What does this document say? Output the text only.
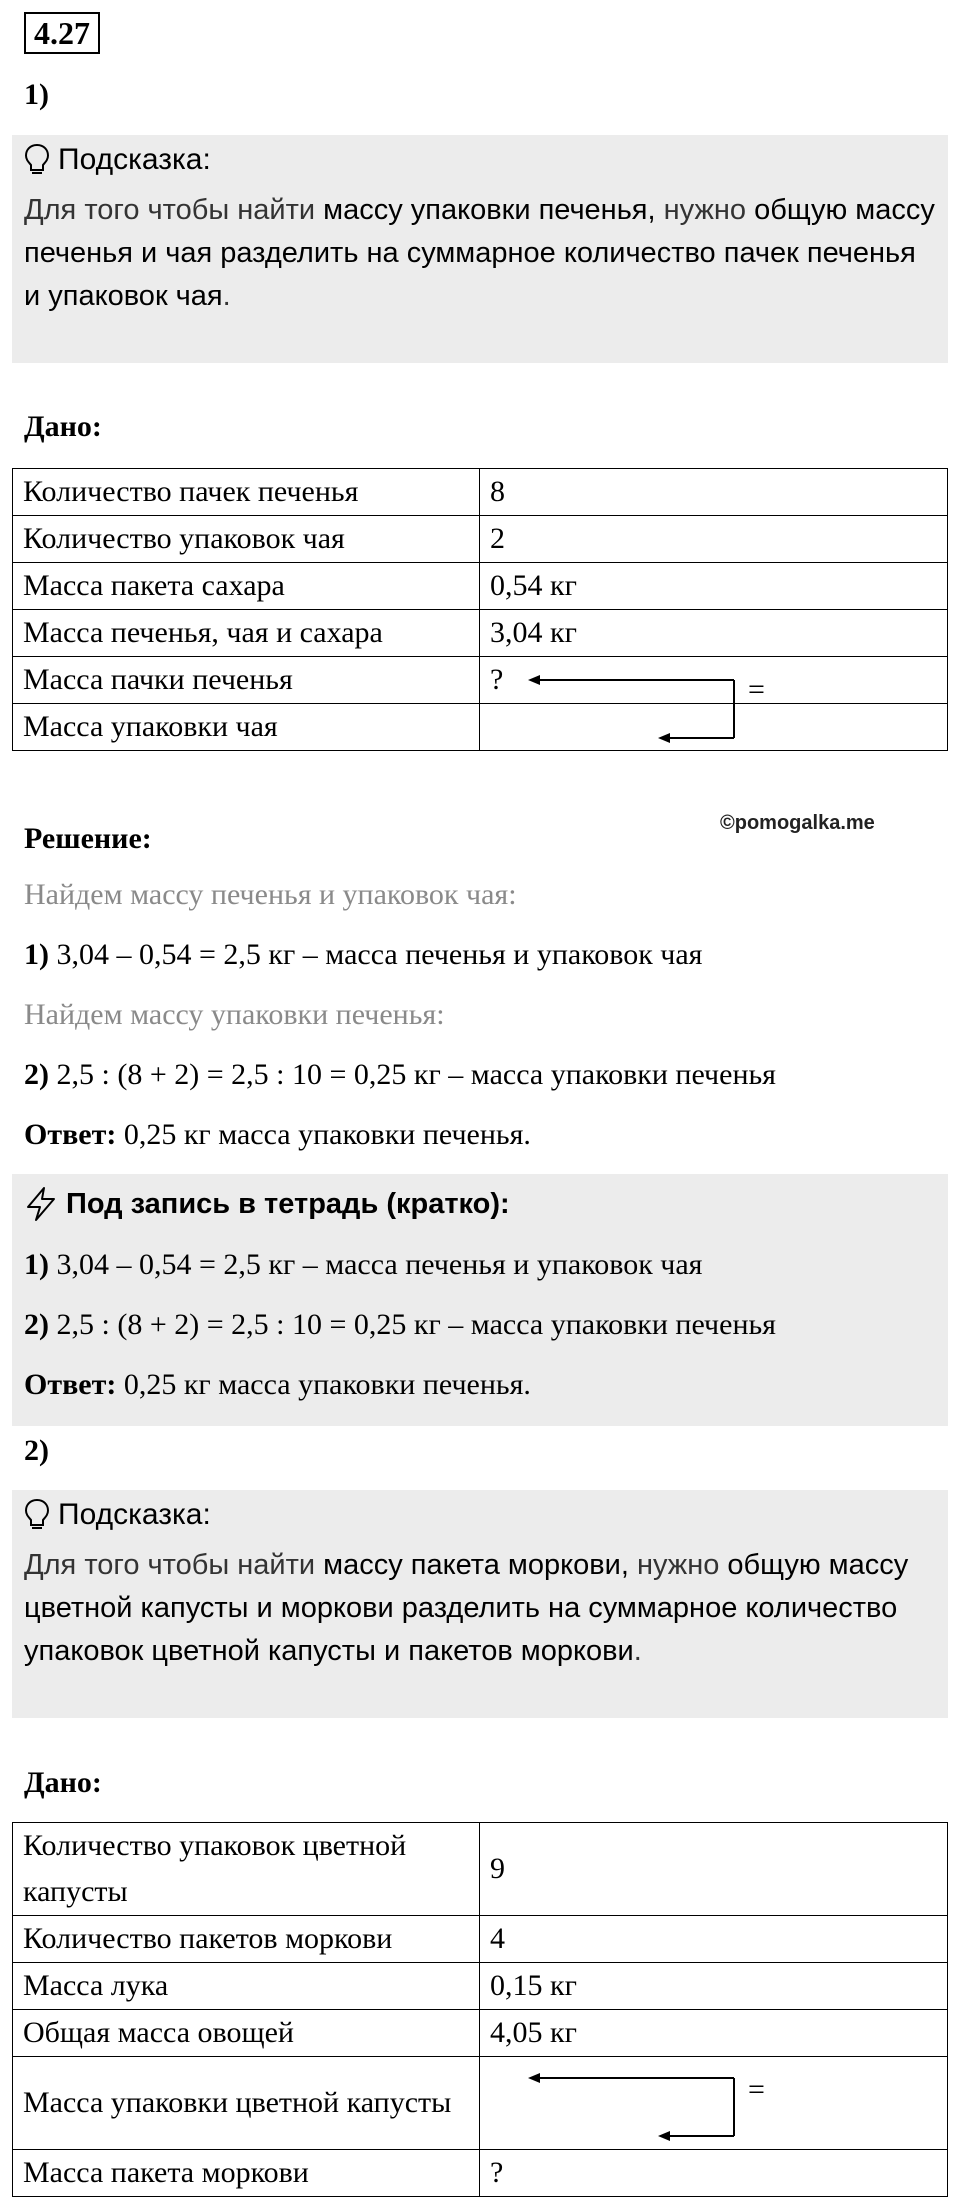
4.27
1)
Подсказка:
Для того чтобы найти массу упаковки печенья, нужно общую массу печенья и чая разделить на суммарное количество пачек печенья и упаковок чая.
Дано:
Количество пачек печенья	8
Количество упаковок чая	2
Масса пакета сахара	0,54 кг
Масса печенья, чая и сахара	3,04 кг
Масса пачки печенья	? =

Масса упаковки чая	
Решение:	©pomogalka.me
Найдем массу печенья и упаковок чая:
1) 3,04 – 0,54 = 2,5 кг – масса печенья и упаковок чая
Найдем массу упаковки печенья:
2) 2,5 : (8 + 2) = 2,5 : 10 = 0,25 кг – масса упаковки печенья
Ответ: 0,25 кг масса упаковки печенья.
Под запись в тетрадь (кратко):
1) 3,04 – 0,54 = 2,5 кг – масса печенья и упаковок чая
2) 2,5 : (8 + 2) = 2,5 : 10 = 0,25 кг – масса упаковки печенья
Ответ: 0,25 кг масса упаковки печенья.
2)
Подсказка:
Для того чтобы найти массу пакета моркови, нужно общую массу цветной капусты и моркови разделить на суммарное количество упаковок цветной капусты и пакетов моркови.
Дано:
Количество упаковок цветной капусты	9
Количество пакетов моркови	4
Масса лука	0,15 кг
Общая масса овощей	4,05 кг
Масса упаковки цветной капусты	=

Масса пакета моркови	?
